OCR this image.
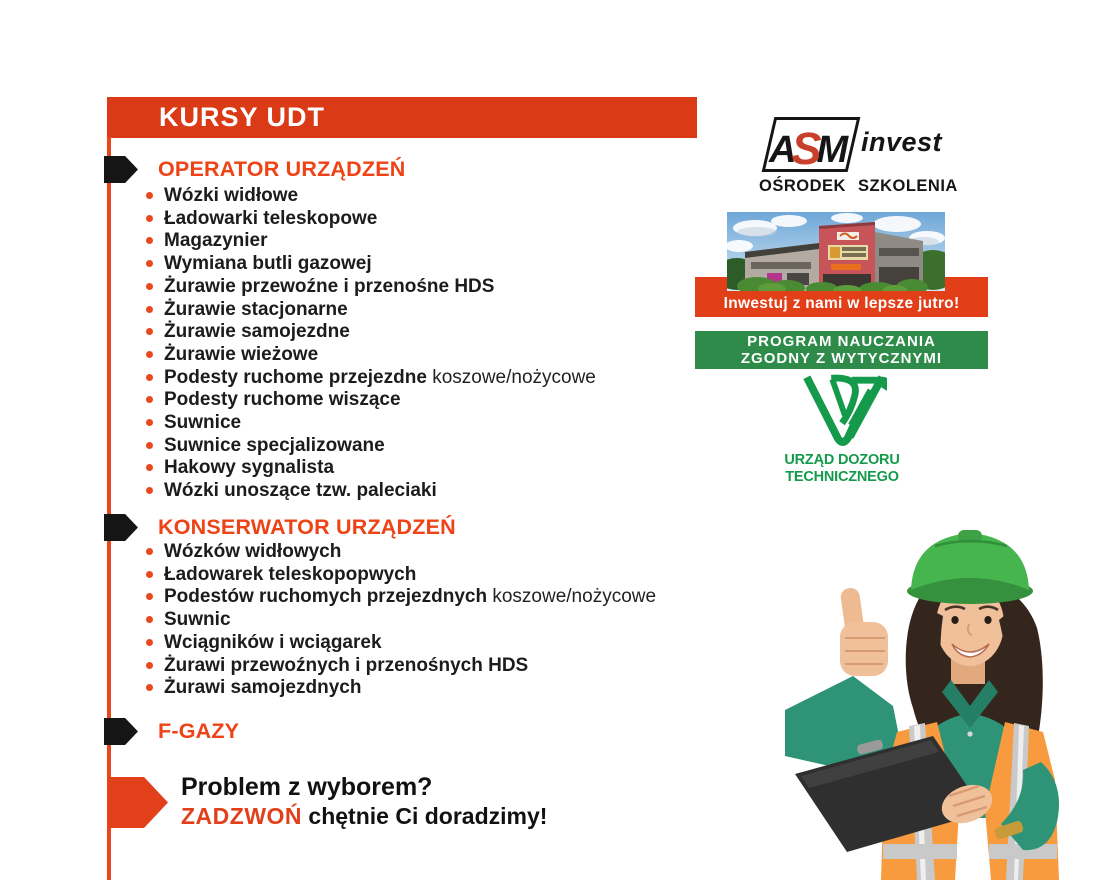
KURSY UDT
OPERATOR URZĄDZEŃ
Wózki widłowe
Ładowarki teleskopowe
Magazynier
Wymiana butli gazowej
Żurawie przewoźne i przenośne HDS
Żurawie stacjonarne
Żurawie samojezdne
Żurawie wieżowe
Podesty ruchome przejezdne koszowe/nożycowe
Podesty ruchome wiszące
Suwnice
Suwnice specjalizowane
Hakowy sygnalista
Wózki unoszące tzw. paleciaki
KONSERWATOR URZĄDZEŃ
Wózków widłowych
Ładowarek teleskopopwych
Podestów ruchomych przejezdnych koszowe/nożycowe
Suwnic
Wciągników i wciągarek
Żurawi przewoźnych i przenośnych HDS
Żurawi samojezdnych
F-GAZY
Problem z wyborem?
ZADZWOŃ chętnie Ci doradzimy!
ASM invest
OŚRODEK SZKOLENIA
Inwestuj z nami w lepsze jutro!
PROGRAM NAUCZANIA
ZGODNY Z WYTYCZNYMI
URZĄD DOZORU
TECHNICZNEGO
